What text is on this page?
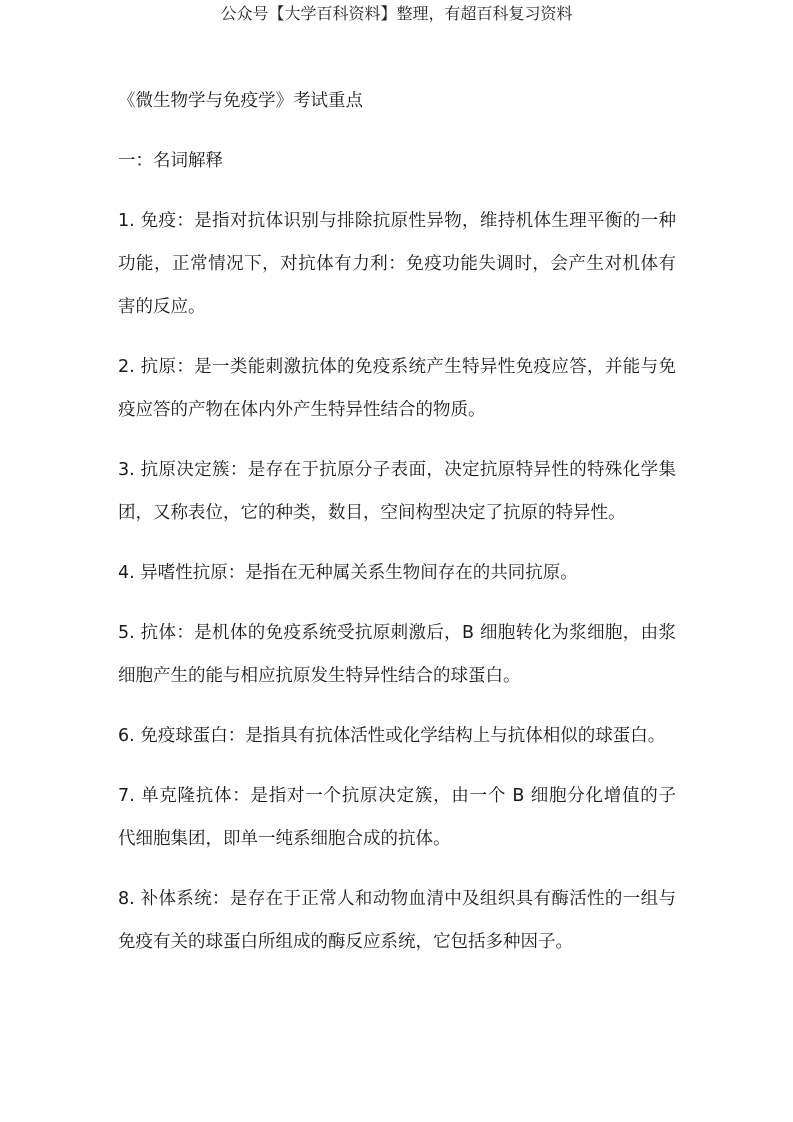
公众号【大学百科资料】整理，有超百科复习资料
《微生物学与免疫学》考试重点
一：名词解释
1. 免疫：是指对抗体识别与排除抗原性异物，维持机体生理平衡的一种
功能，正常情况下，对抗体有力利：免疫功能失调时，会产生对机体有
害的反应。
2. 抗原：是一类能刺激抗体的免疫系统产生特异性免疫应答，并能与免
疫应答的产物在体内外产生特异性结合的物质。
3. 抗原决定簇：是存在于抗原分子表面，决定抗原特异性的特殊化学集
团，又称表位，它的种类，数目，空间构型决定了抗原的特异性。
4. 异嗜性抗原：是指在无种属关系生物间存在的共同抗原。
5. 抗体：是机体的免疫系统受抗原刺激后，B 细胞转化为浆细胞，由浆
细胞产生的能与相应抗原发生特异性结合的球蛋白。
6. 免疫球蛋白：是指具有抗体活性或化学结构上与抗体相似的球蛋白。
7. 单克隆抗体：是指对一个抗原决定簇，由一个 B 细胞分化增值的子
代细胞集团，即单一纯系细胞合成的抗体。
8. 补体系统：是存在于正常人和动物血清中及组织具有酶活性的一组与
免疫有关的球蛋白所组成的酶反应系统，它包括多种因子。
